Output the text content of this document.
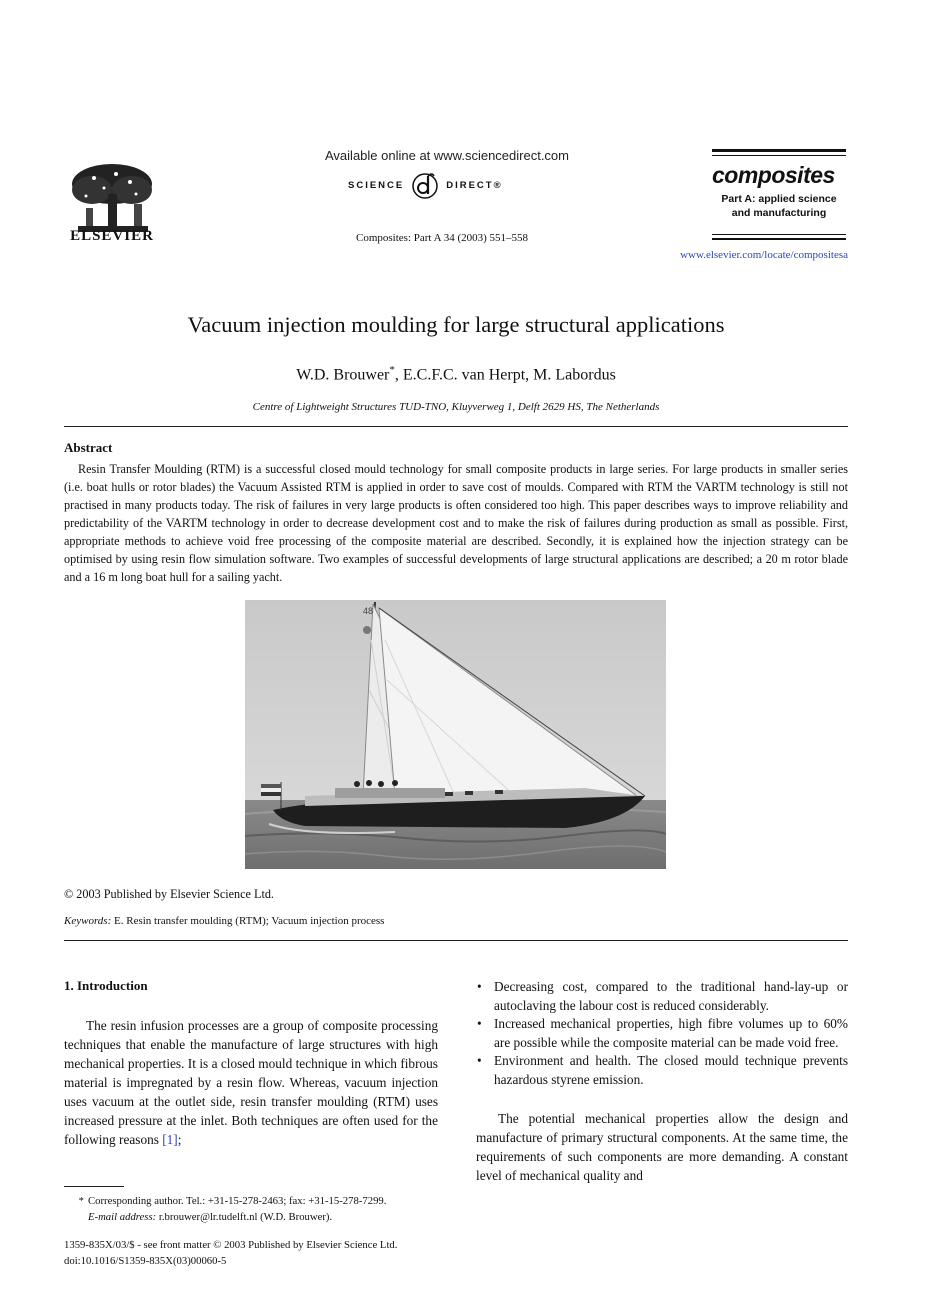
ELSEVIER
Available online at www.sciencedirect.com
SCIENCE	DIRECT®
Composites: Part A 34 (2003) 551–558
composites
Part A: applied science
and manufacturing
www.elsevier.com/locate/compositesa
Vacuum injection moulding for large structural applications
W.D. Brouwer*, E.C.F.C. van Herpt, M. Labordus
Centre of Lightweight Structures TUD-TNO, Kluyverweg 1, Delft 2629 HS, The Netherlands
Abstract
Resin Transfer Moulding (RTM) is a successful closed mould technology for small composite products in large series. For large products in smaller series (i.e. boat hulls or rotor blades) the Vacuum Assisted RTM is applied in order to save cost of moulds. Compared with RTM the VARTM technology is still not practised in many products today. The risk of failures in very large products is often considered too high. This paper describes ways to improve reliability and predictability of the VARTM technology in order to decrease development cost and to make the risk of failures during production as small as possible. First, appropriate methods to achieve void free processing of the composite material are described. Secondly, it is explained how the injection strategy can be optimised by using resin flow simulation software. Two examples of successful developments of large structural applications are described; a 20 m rotor blade and a 16 m long boat hull for a sailing yacht.
48
© 2003 Published by Elsevier Science Ltd.
Keywords: E. Resin transfer moulding (RTM); Vacuum injection process
1. Introduction

The resin infusion processes are a group of composite processing techniques that enable the manufacture of large structures with high mechanical properties. It is a closed mould technique in which fibrous material is impregnated by a resin flow. Whereas, vacuum injection uses vacuum at the outlet side, resin transfer moulding (RTM) uses increased pressure at the inlet. Both techniques are often used for the following reasons [1];

• Decreasing cost, compared to the traditional hand-lay-up or autoclaving the labour cost is reduced considerably.
• Increased mechanical properties, high fibre volumes up to 60% are possible while the composite material can be made void free.
• Environment and health. The closed mould technique prevents hazardous styrene emission.

The potential mechanical properties allow the design and manufacture of primary structural components. At the same time, the requirements of such components are more demanding. A constant level of mechanical quality and

* Corresponding author. Tel.: +31-15-278-2463; fax: +31-15-278-7299.
E-mail address: r.brouwer@lr.tudelft.nl (W.D. Brouwer).
1359-835X/03/$ - see front matter © 2003 Published by Elsevier Science Ltd.
doi:10.1016/S1359-835X(03)00060-5
